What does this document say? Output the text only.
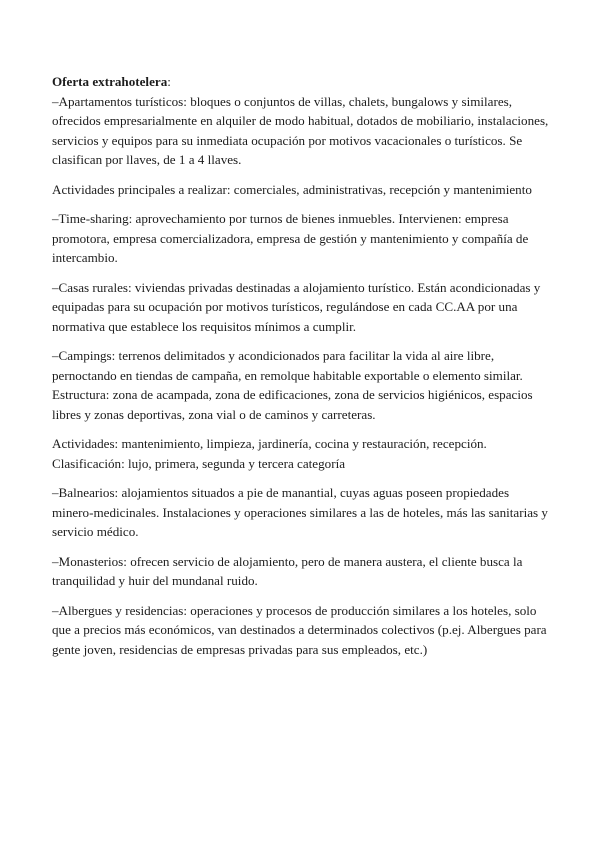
Oferta extrahotelera:
–Apartamentos turísticos: bloques o conjuntos de villas, chalets, bungalows y similares, ofrecidos empresarialmente en alquiler de modo habitual, dotados de mobiliario, instalaciones, servicios y equipos para su inmediata ocupación por motivos vacacionales o turísticos. Se clasifican por llaves, de 1 a 4 llaves.

Actividades principales a realizar: comerciales, administrativas, recepción y mantenimiento

–Time-sharing: aprovechamiento por turnos de bienes inmuebles. Intervienen: empresa promotora, empresa comercializadora, empresa de gestión y mantenimiento y compañía de intercambio.

–Casas rurales: viviendas privadas destinadas a alojamiento turístico. Están acondicionadas y equipadas para su ocupación por motivos turísticos, regulándose en cada CC.AA por una normativa que establece los requisitos mínimos a cumplir.

–Campings: terrenos delimitados y acondicionados para facilitar la vida al aire libre, pernoctando en tiendas de campaña, en remolque habitable exportable o elemento similar. Estructura: zona de acampada, zona de edificaciones, zona de servicios higiénicos, espacios libres y zonas deportivas, zona vial o de caminos y carreteras.

Actividades: mantenimiento, limpieza, jardinería, cocina y restauración, recepción. Clasificación: lujo, primera, segunda y tercera categoría

–Balnearios: alojamientos situados a pie de manantial, cuyas aguas poseen propiedades minero-medicinales. Instalaciones y operaciones similares a las de hoteles, más las sanitarias y servicio médico.

–Monasterios: ofrecen servicio de alojamiento, pero de manera austera, el cliente busca la tranquilidad y huir del mundanal ruido.

–Albergues y residencias: operaciones y procesos de producción similares a los hoteles, solo que a precios más económicos, van destinados a determinados colectivos (p.ej. Albergues para gente joven, residencias de empresas privadas para sus empleados, etc.)
